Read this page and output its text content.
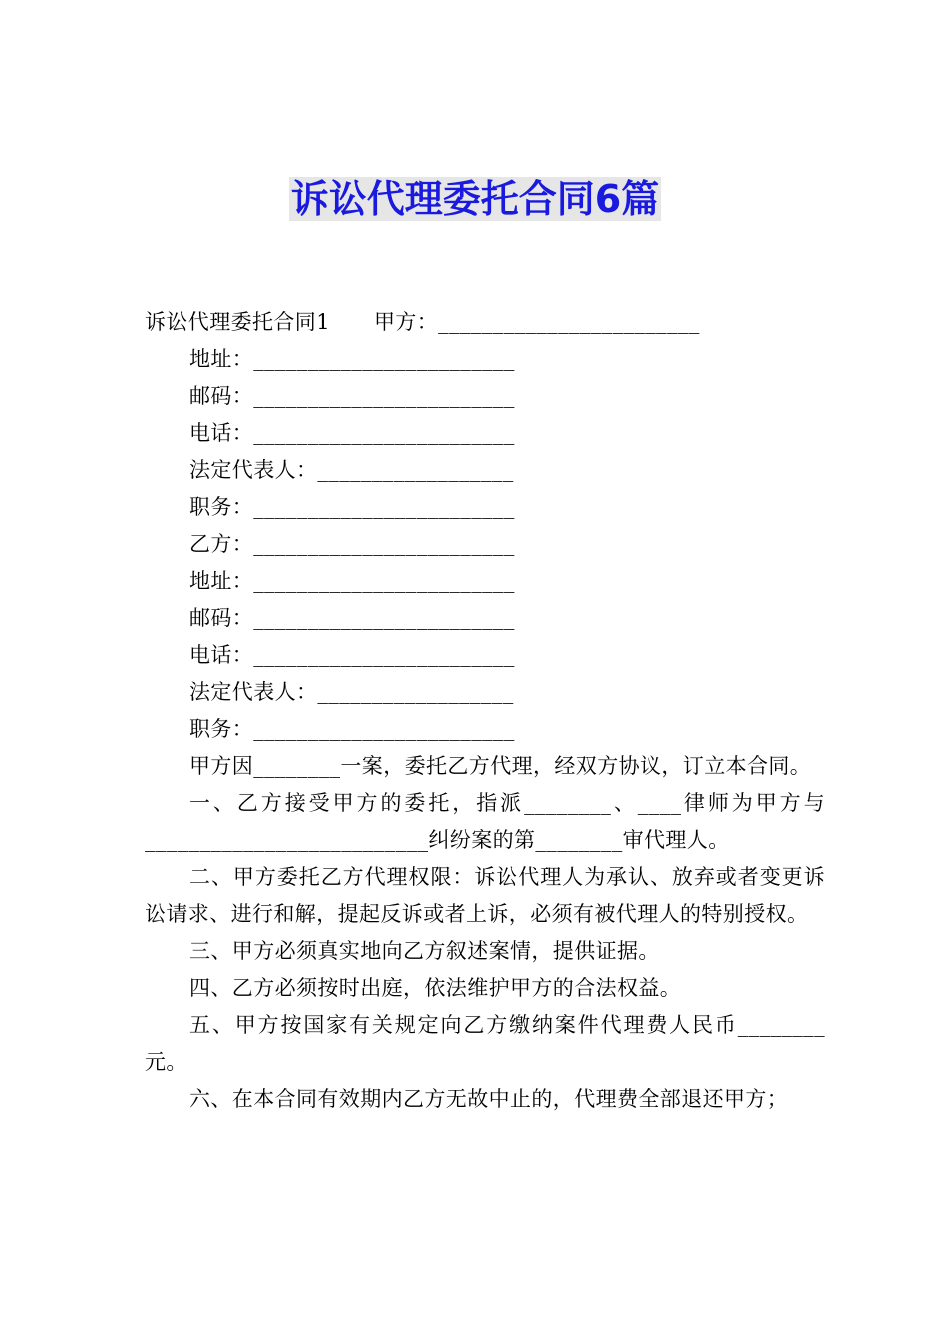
诉讼代理委托合同6篇
诉讼代理委托合同1 甲方：________________________
地址：________________________
邮码：________________________
电话：________________________
法定代表人：__________________
职务：________________________
乙方：________________________
地址：________________________
邮码：________________________
电话：________________________
法定代表人：__________________
职务：________________________
甲方因________一案，委托乙方代理，经双方协议，订立本合同。
一、乙方接受甲方的委托，指派________、____律师为甲方与__________________________纠纷案的第________审代理人。
二、甲方委托乙方代理权限：诉讼代理人为承认、放弃或者变更诉讼请求、进行和解，提起反诉或者上诉，必须有被代理人的特别授权。
三、甲方必须真实地向乙方叙述案情，提供证据。
四、乙方必须按时出庭，依法维护甲方的合法权益。
五、甲方按国家有关规定向乙方缴纳案件代理费人民币________元。
六、在本合同有效期内乙方无故中止的，代理费全部退还甲方；
